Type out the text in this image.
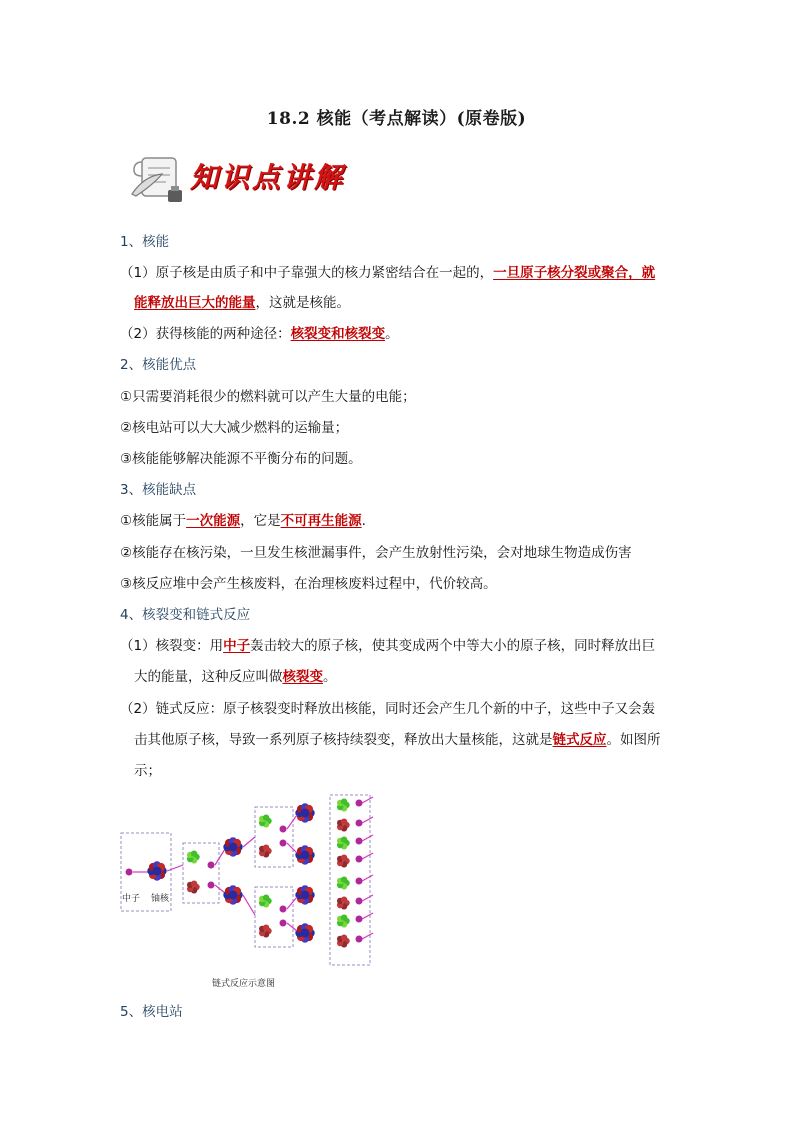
18.2 核能（考点解读）(原卷版)
知识点讲解
1、核能
（1）原子核是由质子和中子靠强大的核力紧密结合在一起的，一旦原子核分裂或聚合，就
能释放出巨大的能量，这就是核能。
（2）获得核能的两种途径：核裂变和核裂变。
2、核能优点
①只需要消耗很少的燃料就可以产生大量的电能；
②核电站可以大大减少燃料的运输量；
③核能能够解决能源不平衡分布的问题。
3、核能缺点
①核能属于一次能源，它是不可再生能源.
②核能存在核污染，一旦发生核泄漏事件，会产生放射性污染，会对地球生物造成伤害
③核反应堆中会产生核废料，在治理核废料过程中，代价较高。
4、核裂变和链式反应
（1）核裂变：用中子轰击较大的原子核，使其变成两个中等大小的原子核，同时释放出巨
大的能量，这种反应叫做核裂变。
（2）链式反应：原子核裂变时释放出核能，同时还会产生几个新的中子，这些中子又会轰
击其他原子核，导致一系列原子核持续裂变，释放出大量核能，这就是链式反应。如图所
示；
中子 铀核
链式反应示意图
5、核电站
